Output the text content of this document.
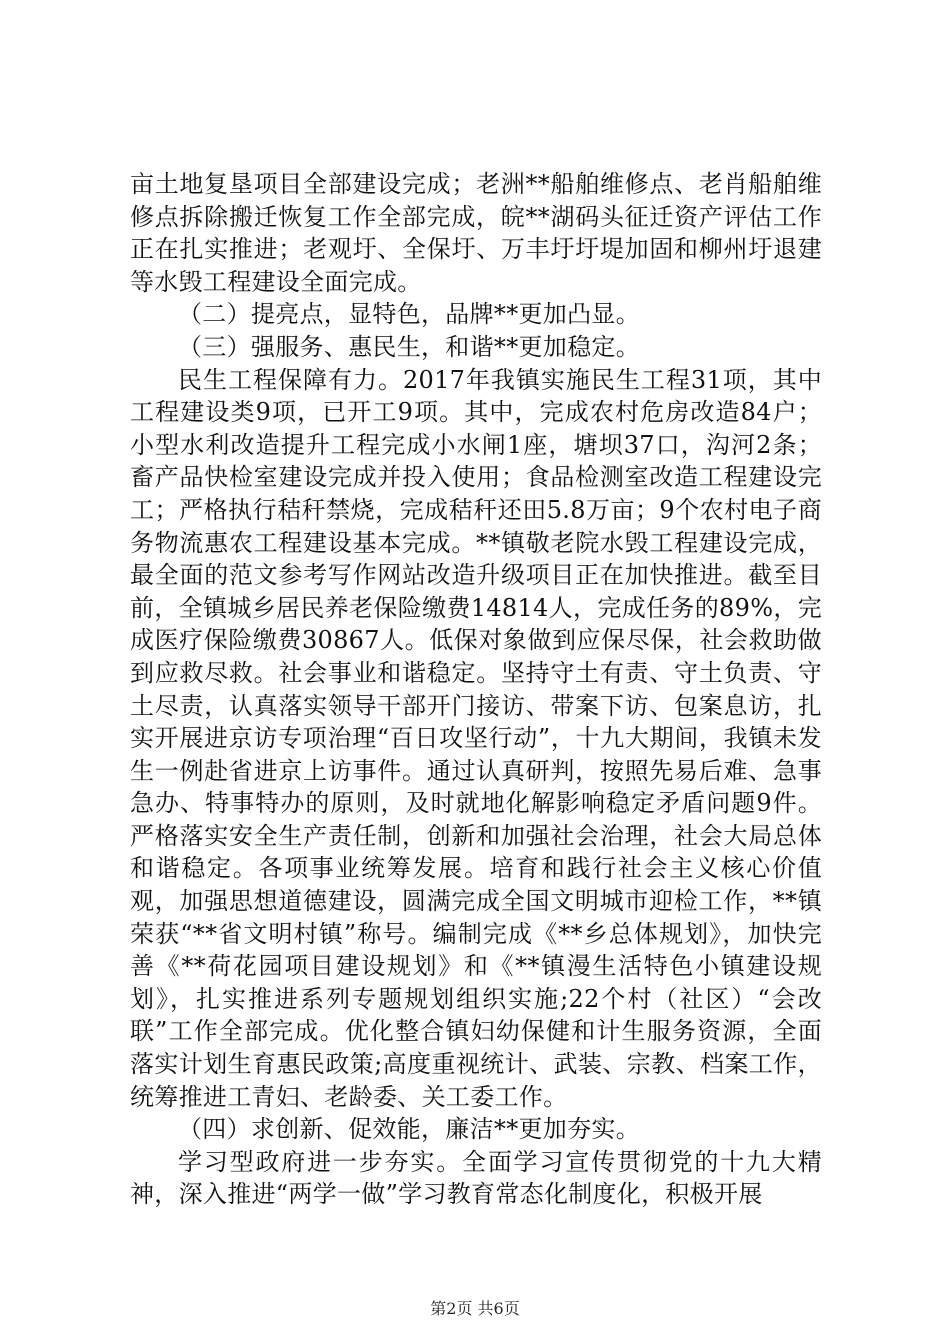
亩土地复垦项目全部建设完成；老洲**船舶维修点、老肖船舶维修点拆除搬迁恢复工作全部完成，皖**湖码头征迁资产评估工作正在扎实推进；老观圩、全保圩、万丰圩圩堤加固和柳州圩退建等水毁工程建设全面完成。

（二）提亮点，显特色，品牌**更加凸显。

（三）强服务、惠民生，和谐**更加稳定。

民生工程保障有力。2017年我镇实施民生工程31项，其中工程建设类9项，已开工9项。其中，完成农村危房改造84户；小型水利改造提升工程完成小水闸1座，塘坝37口，沟河2条；畜产品快检室建设完成并投入使用；食品检测室改造工程建设完工；严格执行秸秆禁烧，完成秸秆还田5.8万亩；9个农村电子商务物流惠农工程建设基本完成。**镇敬老院水毁工程建设完成，最全面的范文参考写作网站改造升级项目正在加快推进。截至目前，全镇城乡居民养老保险缴费14814人，完成任务的89%，完成医疗保险缴费30867人。低保对象做到应保尽保，社会救助做到应救尽救。社会事业和谐稳定。坚持守土有责、守土负责、守土尽责，认真落实领导干部开门接访、带案下访、包案息访，扎实开展进京访专项治理“百日攻坚行动”，十九大期间，我镇未发生一例赴省进京上访事件。通过认真研判，按照先易后难、急事急办、特事特办的原则，及时就地化解影响稳定矛盾问题9件。严格落实安全生产责任制，创新和加强社会治理，社会大局总体和谐稳定。各项事业统筹发展。培育和践行社会主义核心价值观，加强思想道德建设，圆满完成全国文明城市迎检工作，**镇荣获“**省文明村镇”称号。编制完成《**乡总体规划》，加快完善《**荷花园项目建设规划》和《**镇漫生活特色小镇建设规划》，扎实推进系列专题规划组织实施;22个村（社区）“会改联”工作全部完成。优化整合镇妇幼保健和计生服务资源，全面落实计划生育惠民政策;高度重视统计、武装、宗教、档案工作，统筹推进工青妇、老龄委、关工委工作。

（四）求创新、促效能，廉洁**更加夯实。

学习型政府进一步夯实。全面学习宣传贯彻党的十九大精神，深入推进“两学一做”学习教育常态化制度化，积极开展

第2页 共6页
